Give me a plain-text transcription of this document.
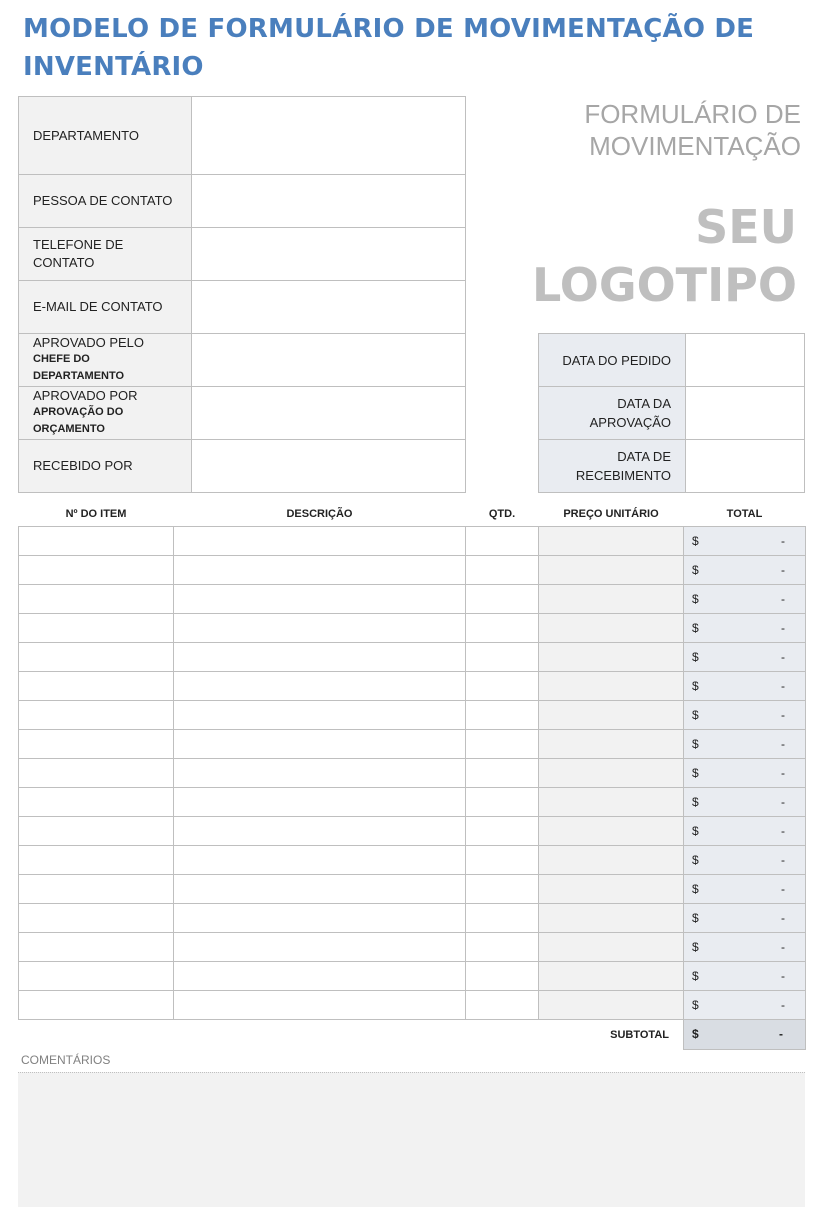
MODELO DE FORMULÁRIO DE MOVIMENTAÇÃO DE INVENTÁRIO
DEPARTAMENTO	

PESSOA DE CONTATO	

TELEFONE DE
CONTATO	

E-MAIL DE CONTATO	

APROVADO PELO
CHEFE DO
DEPARTAMENTO	

APROVADO POR
APROVAÇÃO DO
ORÇAMENTO	

RECEBIDO POR	

FORMULÁRIO DE
MOVIMENTAÇÃO
SEU
LOGOTIPO
DATA DO PEDIDO	

DATA DA
APROVAÇÃO	

DATA DE
RECEBIMENTO	

Nº DO ITEM	DESCRIÇÃO	QTD.	PREÇO UNITÁRIO	TOTAL

				$ -

				$ -

				$ -

				$ -

				$ -

				$ -

				$ -

				$ -

				$ -

				$ -

				$ -

				$ -

				$ -

				$ -

				$ -

				$ -

				$ -

SUBTOTAL				$ -
COMENTÁRIOS
